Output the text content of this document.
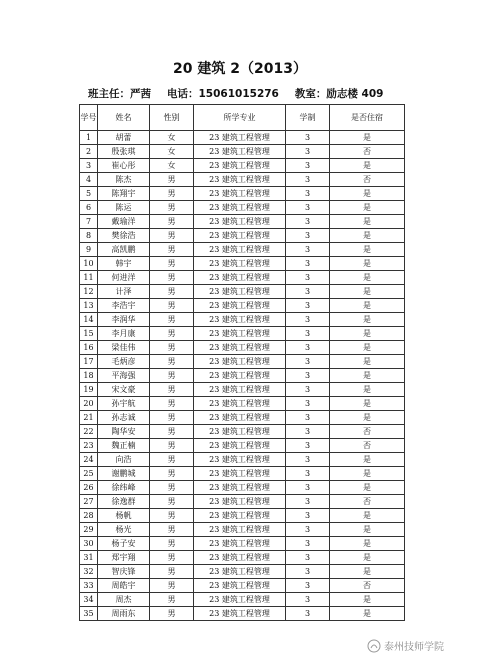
20 建筑 2（2013）
班主任：严茜 电话：15061015276 教室：励志楼 409
学号	姓名	性别	所学专业	学制	是否住宿
1	胡蕾	女	23 建筑工程管理	3	是
2	殷张琪	女	23 建筑工程管理	3	否
3	崔心彤	女	23 建筑工程管理	3	是
4	陈杰	男	23 建筑工程管理	3	否
5	陈翔宇	男	23 建筑工程管理	3	是
6	陈运	男	23 建筑工程管理	3	是
7	戴瑜洋	男	23 建筑工程管理	3	是
8	樊徐浩	男	23 建筑工程管理	3	是
9	高凯鹏	男	23 建筑工程管理	3	是
10	韩宇	男	23 建筑工程管理	3	是
11	何进洋	男	23 建筑工程管理	3	是
12	计泽	男	23 建筑工程管理	3	是
13	李浩宇	男	23 建筑工程管理	3	是
14	李润华	男	23 建筑工程管理	3	是
15	李月康	男	23 建筑工程管理	3	是
16	梁佳伟	男	23 建筑工程管理	3	是
17	毛炳彦	男	23 建筑工程管理	3	是
18	平海强	男	23 建筑工程管理	3	是
19	宋文豪	男	23 建筑工程管理	3	是
20	孙宇航	男	23 建筑工程管理	3	是
21	孙志诚	男	23 建筑工程管理	3	是
22	陶华安	男	23 建筑工程管理	3	否
23	魏正楠	男	23 建筑工程管理	3	否
24	向浩	男	23 建筑工程管理	3	是
25	谢鹏城	男	23 建筑工程管理	3	是
26	徐纬峰	男	23 建筑工程管理	3	是
27	徐逸群	男	23 建筑工程管理	3	否
28	杨帆	男	23 建筑工程管理	3	是
29	杨光	男	23 建筑工程管理	3	是
30	杨子安	男	23 建筑工程管理	3	是
31	郑宇翔	男	23 建筑工程管理	3	是
32	智庆锋	男	23 建筑工程管理	3	是
33	周皓宇	男	23 建筑工程管理	3	否
34	周杰	男	23 建筑工程管理	3	是
35	周雨东	男	23 建筑工程管理	3	是
泰州技师学院
